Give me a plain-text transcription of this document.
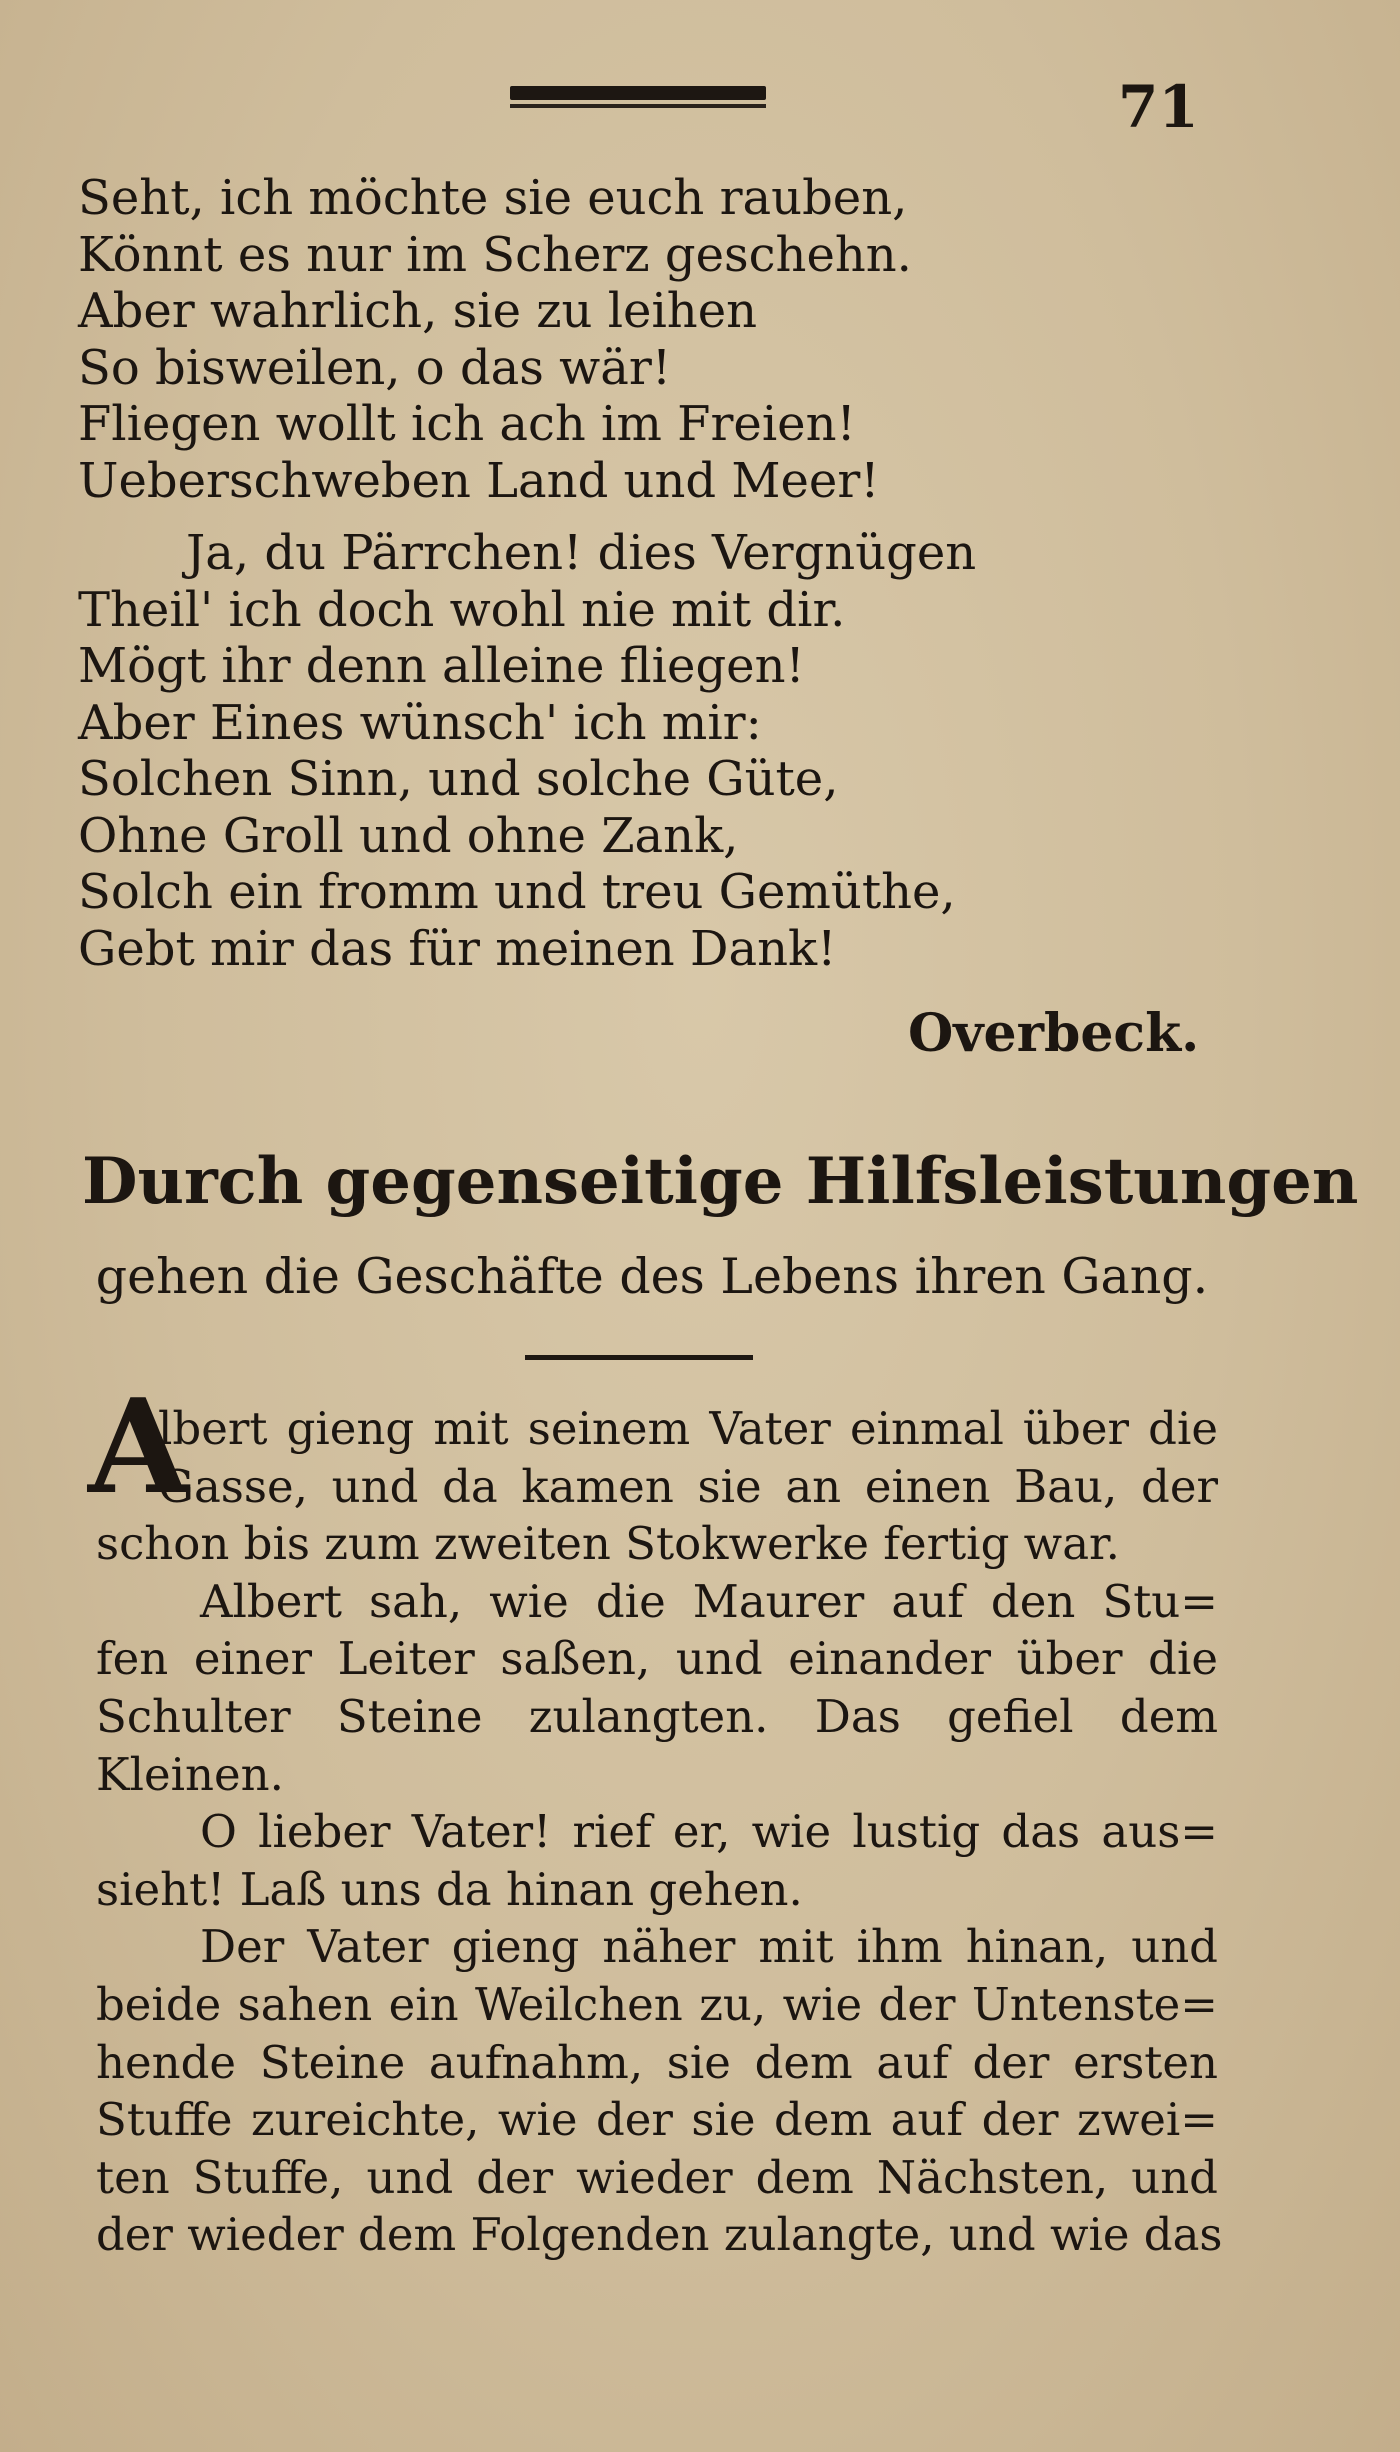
71
Seht, ich möchte sie euch rauben,
Könnt es nur im Scherz geschehn.
Aber wahrlich, sie zu leihen
So bisweilen, o das wär!
Fliegen wollt ich ach im Freien!
Ueberschweben Land und Meer!
Ja, du Pärrchen! dies Vergnügen
Theil' ich doch wohl nie mit dir.
Mögt ihr denn alleine fliegen!
Aber Eines wünsch' ich mir:
Solchen Sinn, und solche Güte,
Ohne Groll und ohne Zank,
Solch ein fromm und treu Gemüthe,
Gebt mir das für meinen Dank!
Overbeck.
Durch gegenseitige Hilfsleistungen
gehen die Geschäfte des Lebens ihren Gang.
A
lbert gieng mit seinem Vater einmal über die
Gasse, und da kamen sie an einen Bau, der
schon bis zum zweiten Stokwerke fertig war.
Albert sah, wie die Maurer auf den Stu=
fen einer Leiter saßen, und einander über die
Schulter Steine zulangten. Das gefiel dem
Kleinen.
O lieber Vater! rief er, wie lustig das aus=
sieht! Laß uns da hinan gehen.
Der Vater gieng näher mit ihm hinan, und
beide sahen ein Weilchen zu, wie der Untenste=
hende Steine aufnahm, sie dem auf der ersten
Stuffe zureichte, wie der sie dem auf der zwei=
ten Stuffe, und der wieder dem Nächsten, und
der wieder dem Folgenden zulangte, und wie das
